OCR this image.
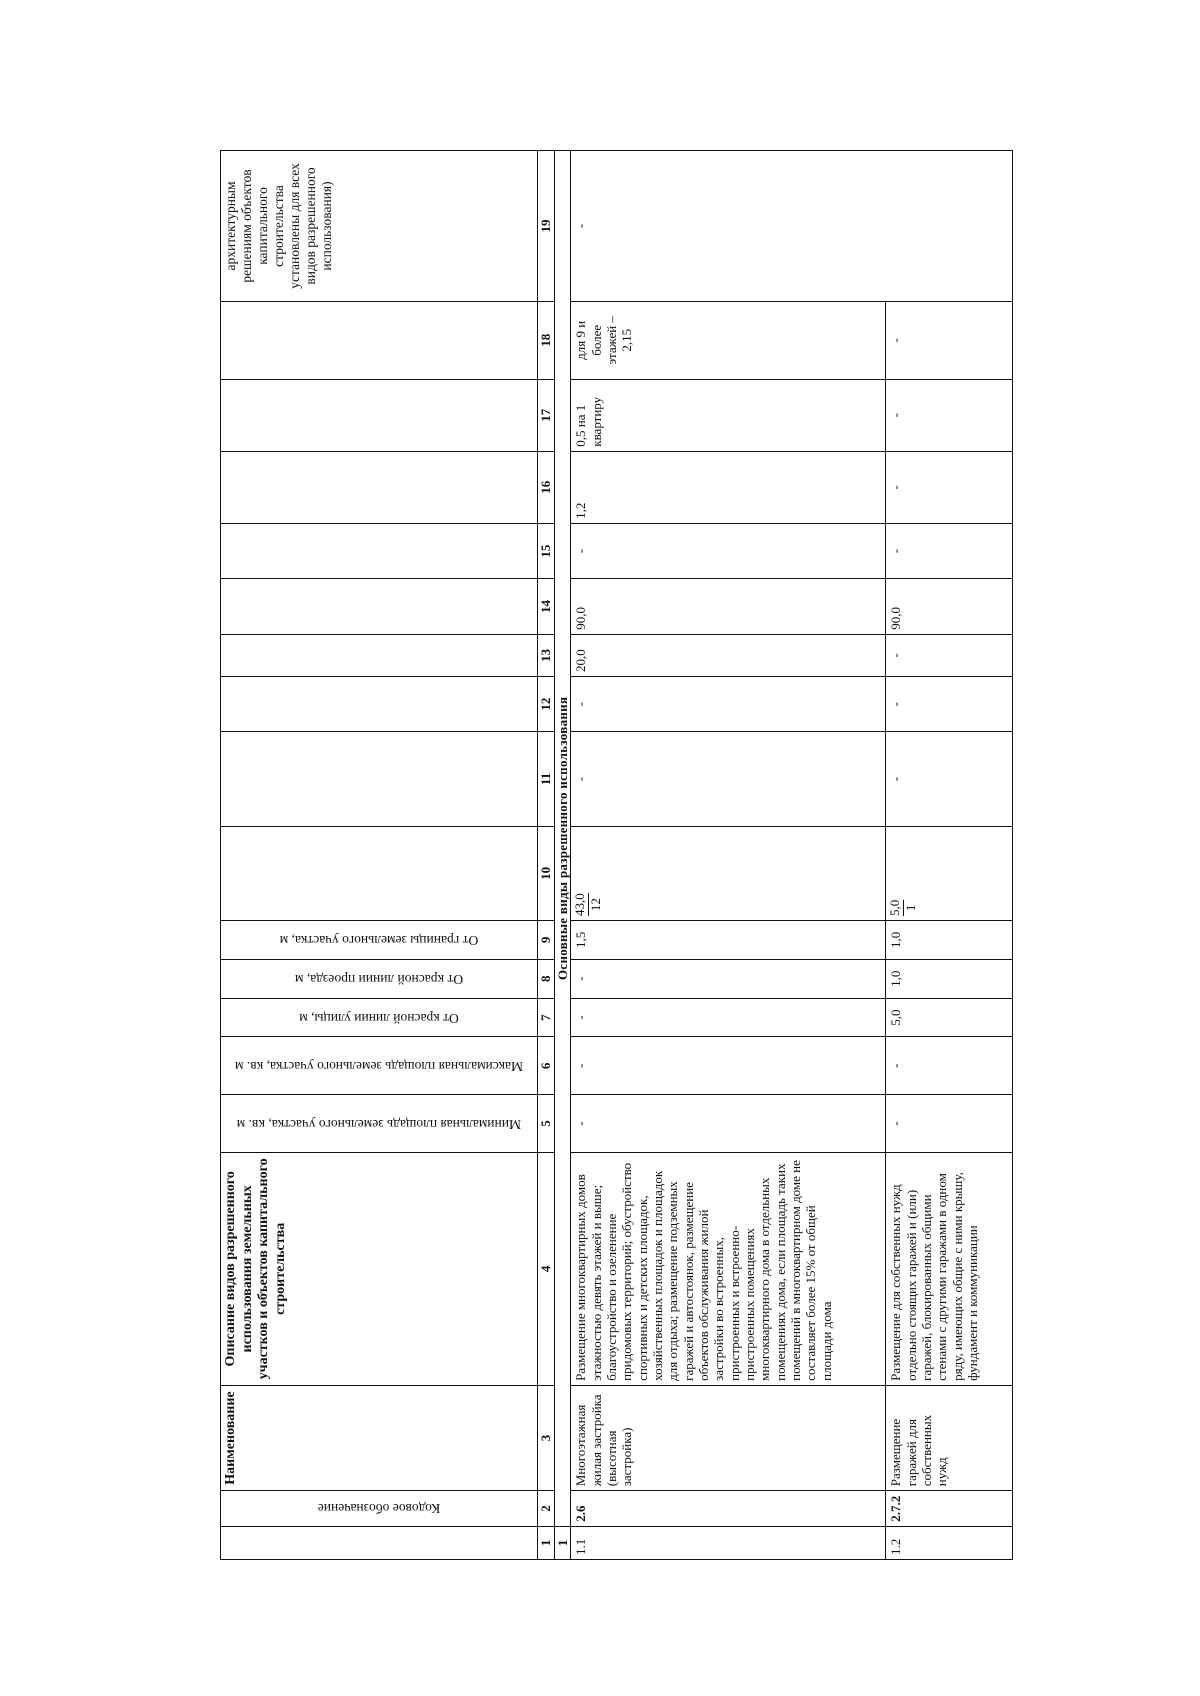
	Кодовое обозначение	Наименование	Описание видов разрешенного использования земельных участков и объектов капитального строительства	Минимальная площадь земельного участка, кв. м	Максимальная площадь земельного участка, кв. м	От красной линии улицы, м	От красной линии проезда, м	От границы земельного участка, м										архитектурным решениям объектов капитального строительства установлены для всех видов разрешенного использования)
1	2	3	4	5	6	7	8	9	10	11	12	13	14	15	16	17	18	19
1	Основные виды разрешенного использования																	
1.1	2.6	Многоэтажная жилая застройка (высотная застройка)	Размещение многоквартирных домов этажностью девять этажей и выше; благоустройство и озеленение придомовых территорий; обустройство спортивных и детских площадок, хозяйственных площадок и площадок для отдыха; размещение подземных гаражей и автостоянок, размещение объектов обслуживания жилой застройки во встроенных, пристроенных и встроенно-пристроенных помещениях многоквартирного дома в отдельных помещениях дома, если площадь таких помещений в многоквартирном доме не составляет более 15% от общей площади дома	-	-	-	-	1,5	43,0 12	-	-	20,0	90,0	-	1,2	0,5 на 1 квартиру	для 9 и более этажей – 2,15	-
1.2	2.7.2	Размещение гаражей для собственных нужд	Размещение для собственных нужд отдельно стоящих гаражей и (или) гаражей, блокированных общими стенами с другими гаражами в одном ряду, имеющих общие с ними крышу, фундамент и коммуникации	-	-	5,0	1,0	1,0	5,0 1	-	-	-	90,0	-	-	-	-	
